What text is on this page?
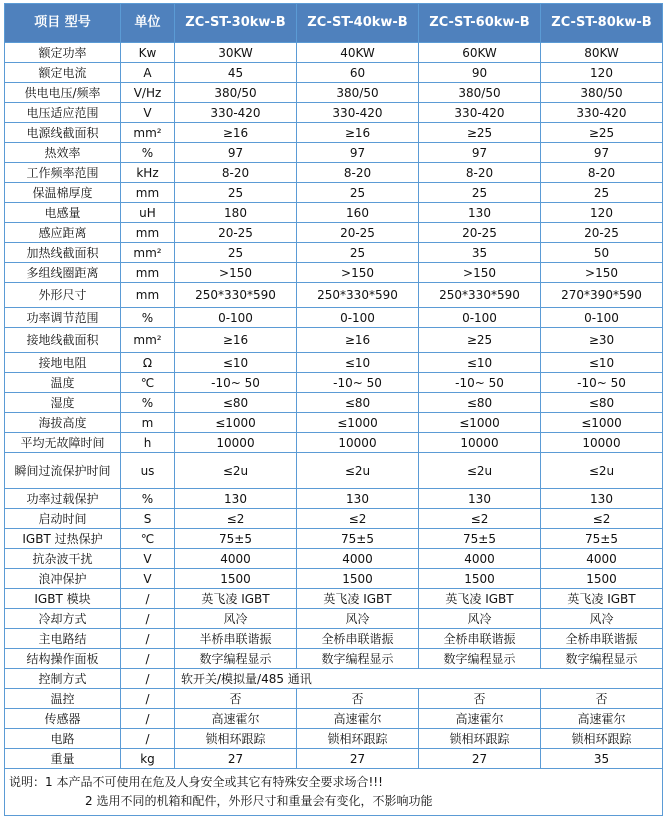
项目 型号	单位	ZC-ST-30kw-B	ZC-ST-40kw-B	ZC-ST-60kw-B	ZC-ST-80kw-B
额定功率	Kw	30KW	40KW	60KW	80KW
额定电流	A	45	60	90	120
供电电压/频率	V/Hz	380/50	380/50	380/50	380/50
电压适应范围	V	330-420	330-420	330-420	330-420
电源线截面积	mm²	≥16	≥16	≥25	≥25
热效率	%	97	97	97	97
工作频率范围	kHz	8-20	8-20	8-20	8-20
保温棉厚度	mm	25	25	25	25
电感量	uH	180	160	130	120
感应距离	mm	20-25	20-25	20-25	20-25
加热线截面积	mm²	25	25	35	50
多组线圈距离	mm	>150	>150	>150	>150
外形尺寸	mm	250*330*590	250*330*590	250*330*590	270*390*590
功率调节范围	%	0-100	0-100	0-100	0-100
接地线截面积	mm²	≥16	≥16	≥25	≥30
接地电阻	Ω	≤10	≤10	≤10	≤10
温度	℃	-10~ 50	-10~ 50	-10~ 50	-10~ 50
湿度	%	≤80	≤80	≤80	≤80
海拔高度	m	≤1000	≤1000	≤1000	≤1000
平均无故障时间	h	10000	10000	10000	10000
瞬间过流保护时间	us	≤2u	≤2u	≤2u	≤2u
功率过载保护	%	130	130	130	130
启动时间	S	≤2	≤2	≤2	≤2
IGBT 过热保护	℃	75±5	75±5	75±5	75±5
抗杂波干扰	V	4000	4000	4000	4000
浪冲保护	V	1500	1500	1500	1500
IGBT 模块	/	英飞凌 IGBT	英飞凌 IGBT	英飞凌 IGBT	英飞凌 IGBT
冷却方式	/	风冷	风冷	风冷	风冷
主电路结	/	半桥串联谐振	全桥串联谐振	全桥串联谐振	全桥串联谐振
结构操作面板	/	数字编程显示	数字编程显示	数字编程显示	数字编程显示
控制方式	/	软开关/模拟量/485 通讯			
温控	/	否	否	否	否
传感器	/	高速霍尔	高速霍尔	高速霍尔	高速霍尔
电路	/	锁相环跟踪	锁相环跟踪	锁相环跟踪	锁相环跟踪
重量	kg	27	27	27	35
说明：1 本产品不可使用在危及人身安全或其它有特殊安全要求场合!!!
2 选用不同的机箱和配件，外形尺寸和重量会有变化，不影响功能					
